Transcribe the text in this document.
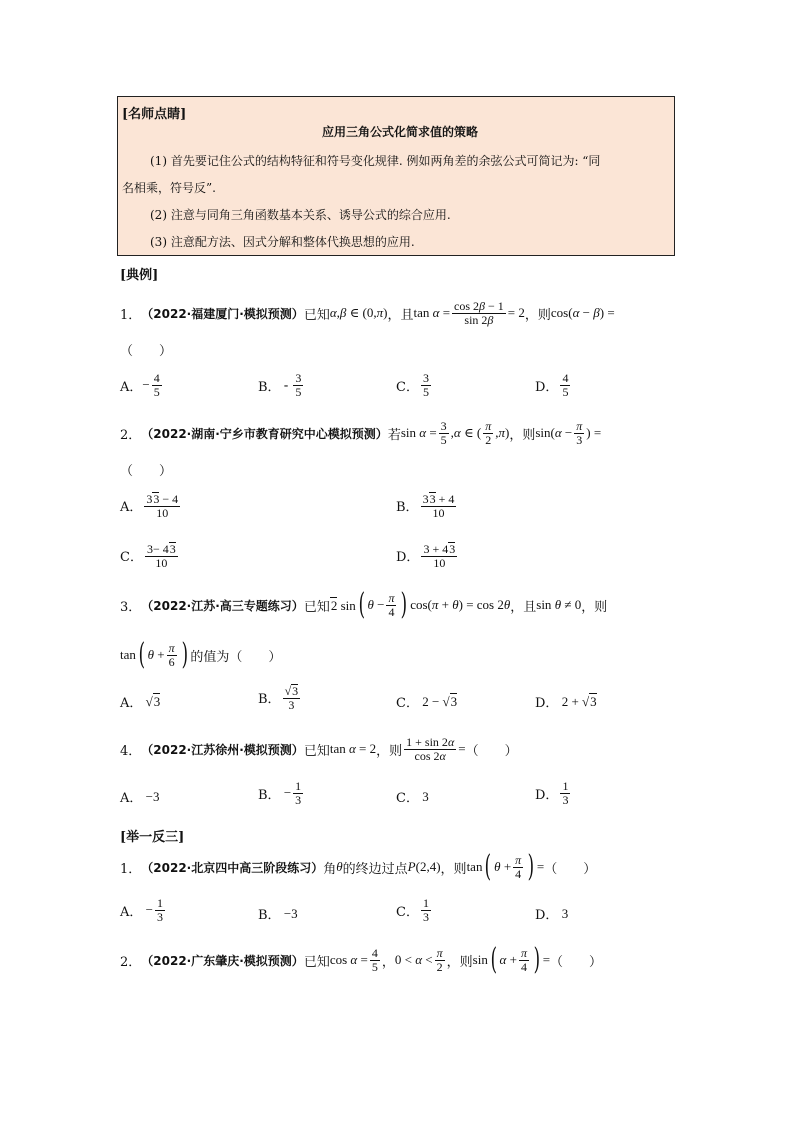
[名师点睛]
应用三角公式化简求值的策略
(1) 首先要记住公式的结构特征和符号变化规律. 例如两角差的余弦公式可简记为: “同
名相乘，符号反”.
(2) 注意与同角三角函数基本关系、诱导公式的综合应用.
(3) 注意配方法、因式分解和整体代换思想的应用.
[典例]
1． （2022·福建厦门·模拟预测） 已知 α,β ∈ (0, π ) ，且 $\tan \alpha = \frac{\cos 2\beta - 1}{\sin 2\beta} = 2$ ，则 cos(α − β) =
（　　）
A． − $\frac{4}{5}$	B． - $\frac{3}{5}$	C． $\frac{3}{5}$	D． $\frac{4}{5}$
2． （2022·湖南·宁乡市教育研究中心模拟预测） 若 $\sin \alpha = \frac{3}{5} ,\alpha$ ∈ ( $\frac{\pi}{2} ,\pi$) ，则 $\sin(\alpha - \frac{\pi}{3}$ ) =
（　　）
A． $\frac{33 - 4}{10}$	B． $\frac{33 + 4}{10}$
C． $\frac{3- 43}{10}$	D． $\frac{3 + 43}{10}$
3． （2022·江苏·高三专题练习） 已知 2 sin ( $\theta - \frac{\pi}{4}$ ) cos(π + θ) = cos 2θ ，且 sin θ ≠ 0 ，则
tan ( $\theta + \frac{\pi}{6}$ ) 的值为（　　）
A． √3	B． $\frac{√3}{3}$	C． 2 − √3	D． 2 + √3
4． （2022·江苏徐州·模拟预测） 已知 tan α = 2 ，则 $\frac{1 + \sin 2\alpha}{\cos 2\alpha}$ = （　　）
A． −3	B． − $\frac{1}{3}$	C． 3	D． $\frac{1}{3}$
[举一反三]
1． （2022·北京四中高三阶段练习） 角 θ 的终边过点 P(2,4) ，则 tan ( $\theta + \frac{\pi}{4}$ ) = （　　）
A． − $\frac{1}{3}$	B． −3	C． $\frac{1}{3}$	D． 3
2． （2022·广东肇庆·模拟预测） 已知 $\cos \alpha = \frac{4}{5}$ ， $0 < \alpha < \frac{\pi}{2}$ ，则 sin ( $\alpha + \frac{\pi}{4}$ ) = （　　）
